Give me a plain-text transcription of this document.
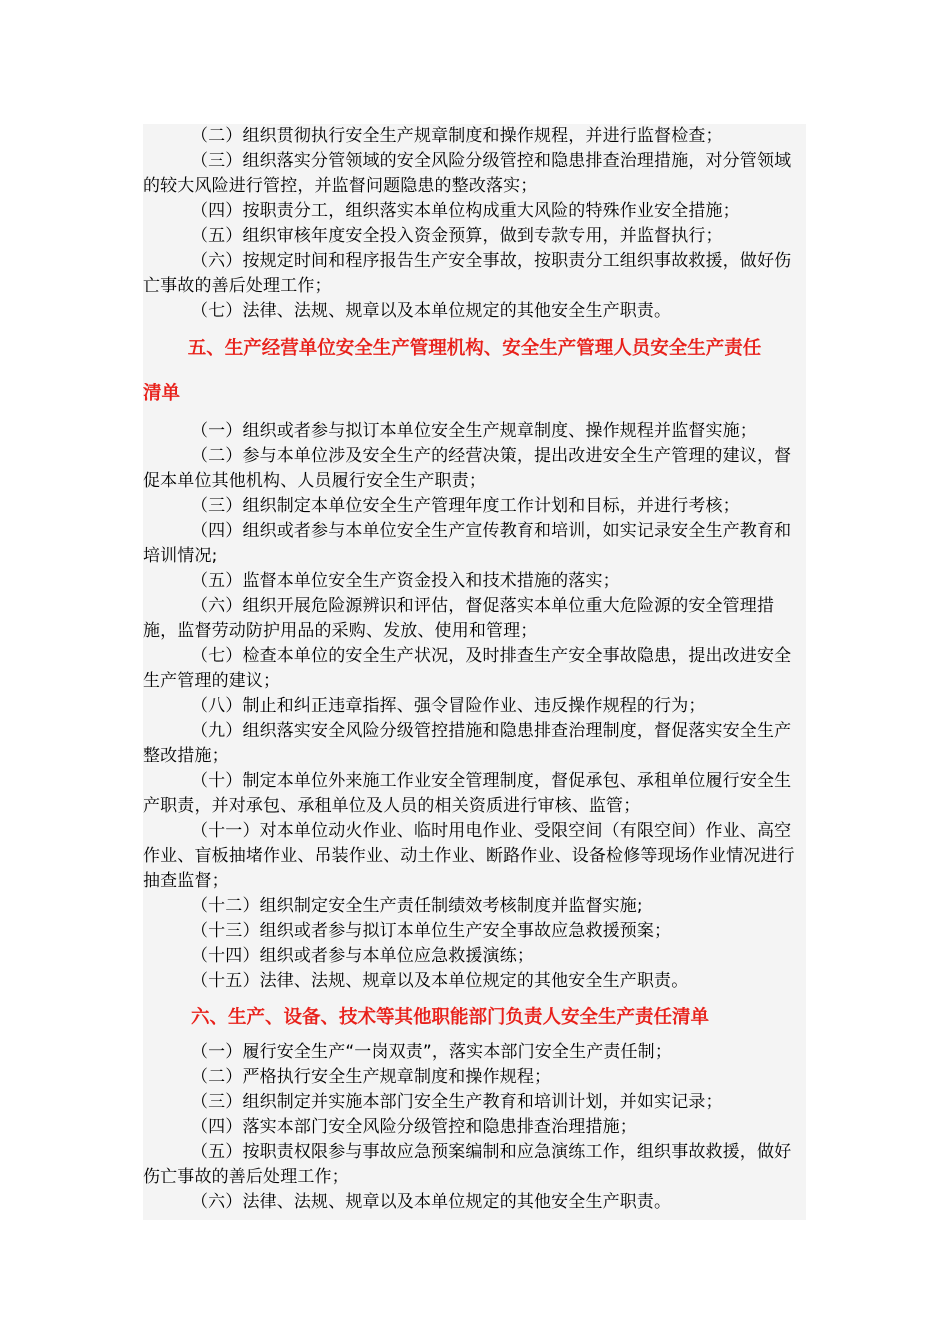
（二）组织贯彻执行安全生产规章制度和操作规程，并进行监督检查；

（三）组织落实分管领域的安全风险分级管控和隐患排查治理措施，对分管领域的较大风险进行管控，并监督问题隐患的整改落实；

（四）按职责分工，组织落实本单位构成重大风险的特殊作业安全措施；

（五）组织审核年度安全投入资金预算，做到专款专用，并监督执行；

（六）按规定时间和程序报告生产安全事故，按职责分工组织事故救援，做好伤亡事故的善后处理工作；

（七）法律、法规、规章以及本单位规定的其他安全生产职责。

五、生产经营单位安全生产管理机构、安全生产管理人员安全生产责任

清单

（一）组织或者参与拟订本单位安全生产规章制度、操作规程并监督实施；

（二）参与本单位涉及安全生产的经营决策，提出改进安全生产管理的建议，督促本单位其他机构、人员履行安全生产职责；

（三）组织制定本单位安全生产管理年度工作计划和目标，并进行考核；

（四）组织或者参与本单位安全生产宣传教育和培训，如实记录安全生产教育和培训情况;

（五）监督本单位安全生产资金投入和技术措施的落实；

（六）组织开展危险源辨识和评估，督促落实本单位重大危险源的安全管理措施，监督劳动防护用品的采购、发放、使用和管理；

（七）检查本单位的安全生产状况，及时排查生产安全事故隐患，提出改进安全生产管理的建议；

（八）制止和纠正违章指挥、强令冒险作业、违反操作规程的行为；

（九）组织落实安全风险分级管控措施和隐患排查治理制度，督促落实安全生产整改措施；

（十）制定本单位外来施工作业安全管理制度，督促承包、承租单位履行安全生产职责，并对承包、承租单位及人员的相关资质进行审核、监管；

（十一）对本单位动火作业、临时用电作业、受限空间（有限空间）作业、高空作业、盲板抽堵作业、吊装作业、动土作业、断路作业、设备检修等现场作业情况进行抽查监督；

（十二）组织制定安全生产责任制绩效考核制度并监督实施;

（十三）组织或者参与拟订本单位生产安全事故应急救援预案；

（十四）组织或者参与本单位应急救援演练；

（十五）法律、法规、规章以及本单位规定的其他安全生产职责。

六、生产、设备、技术等其他职能部门负责人安全生产责任清单

（一）履行安全生产“一岗双责”，落实本部门安全生产责任制；

（二）严格执行安全生产规章制度和操作规程；

（三）组织制定并实施本部门安全生产教育和培训计划，并如实记录；

（四）落实本部门安全风险分级管控和隐患排查治理措施；

（五）按职责权限参与事故应急预案编制和应急演练工作，组织事故救援，做好伤亡事故的善后处理工作；

（六）法律、法规、规章以及本单位规定的其他安全生产职责。
